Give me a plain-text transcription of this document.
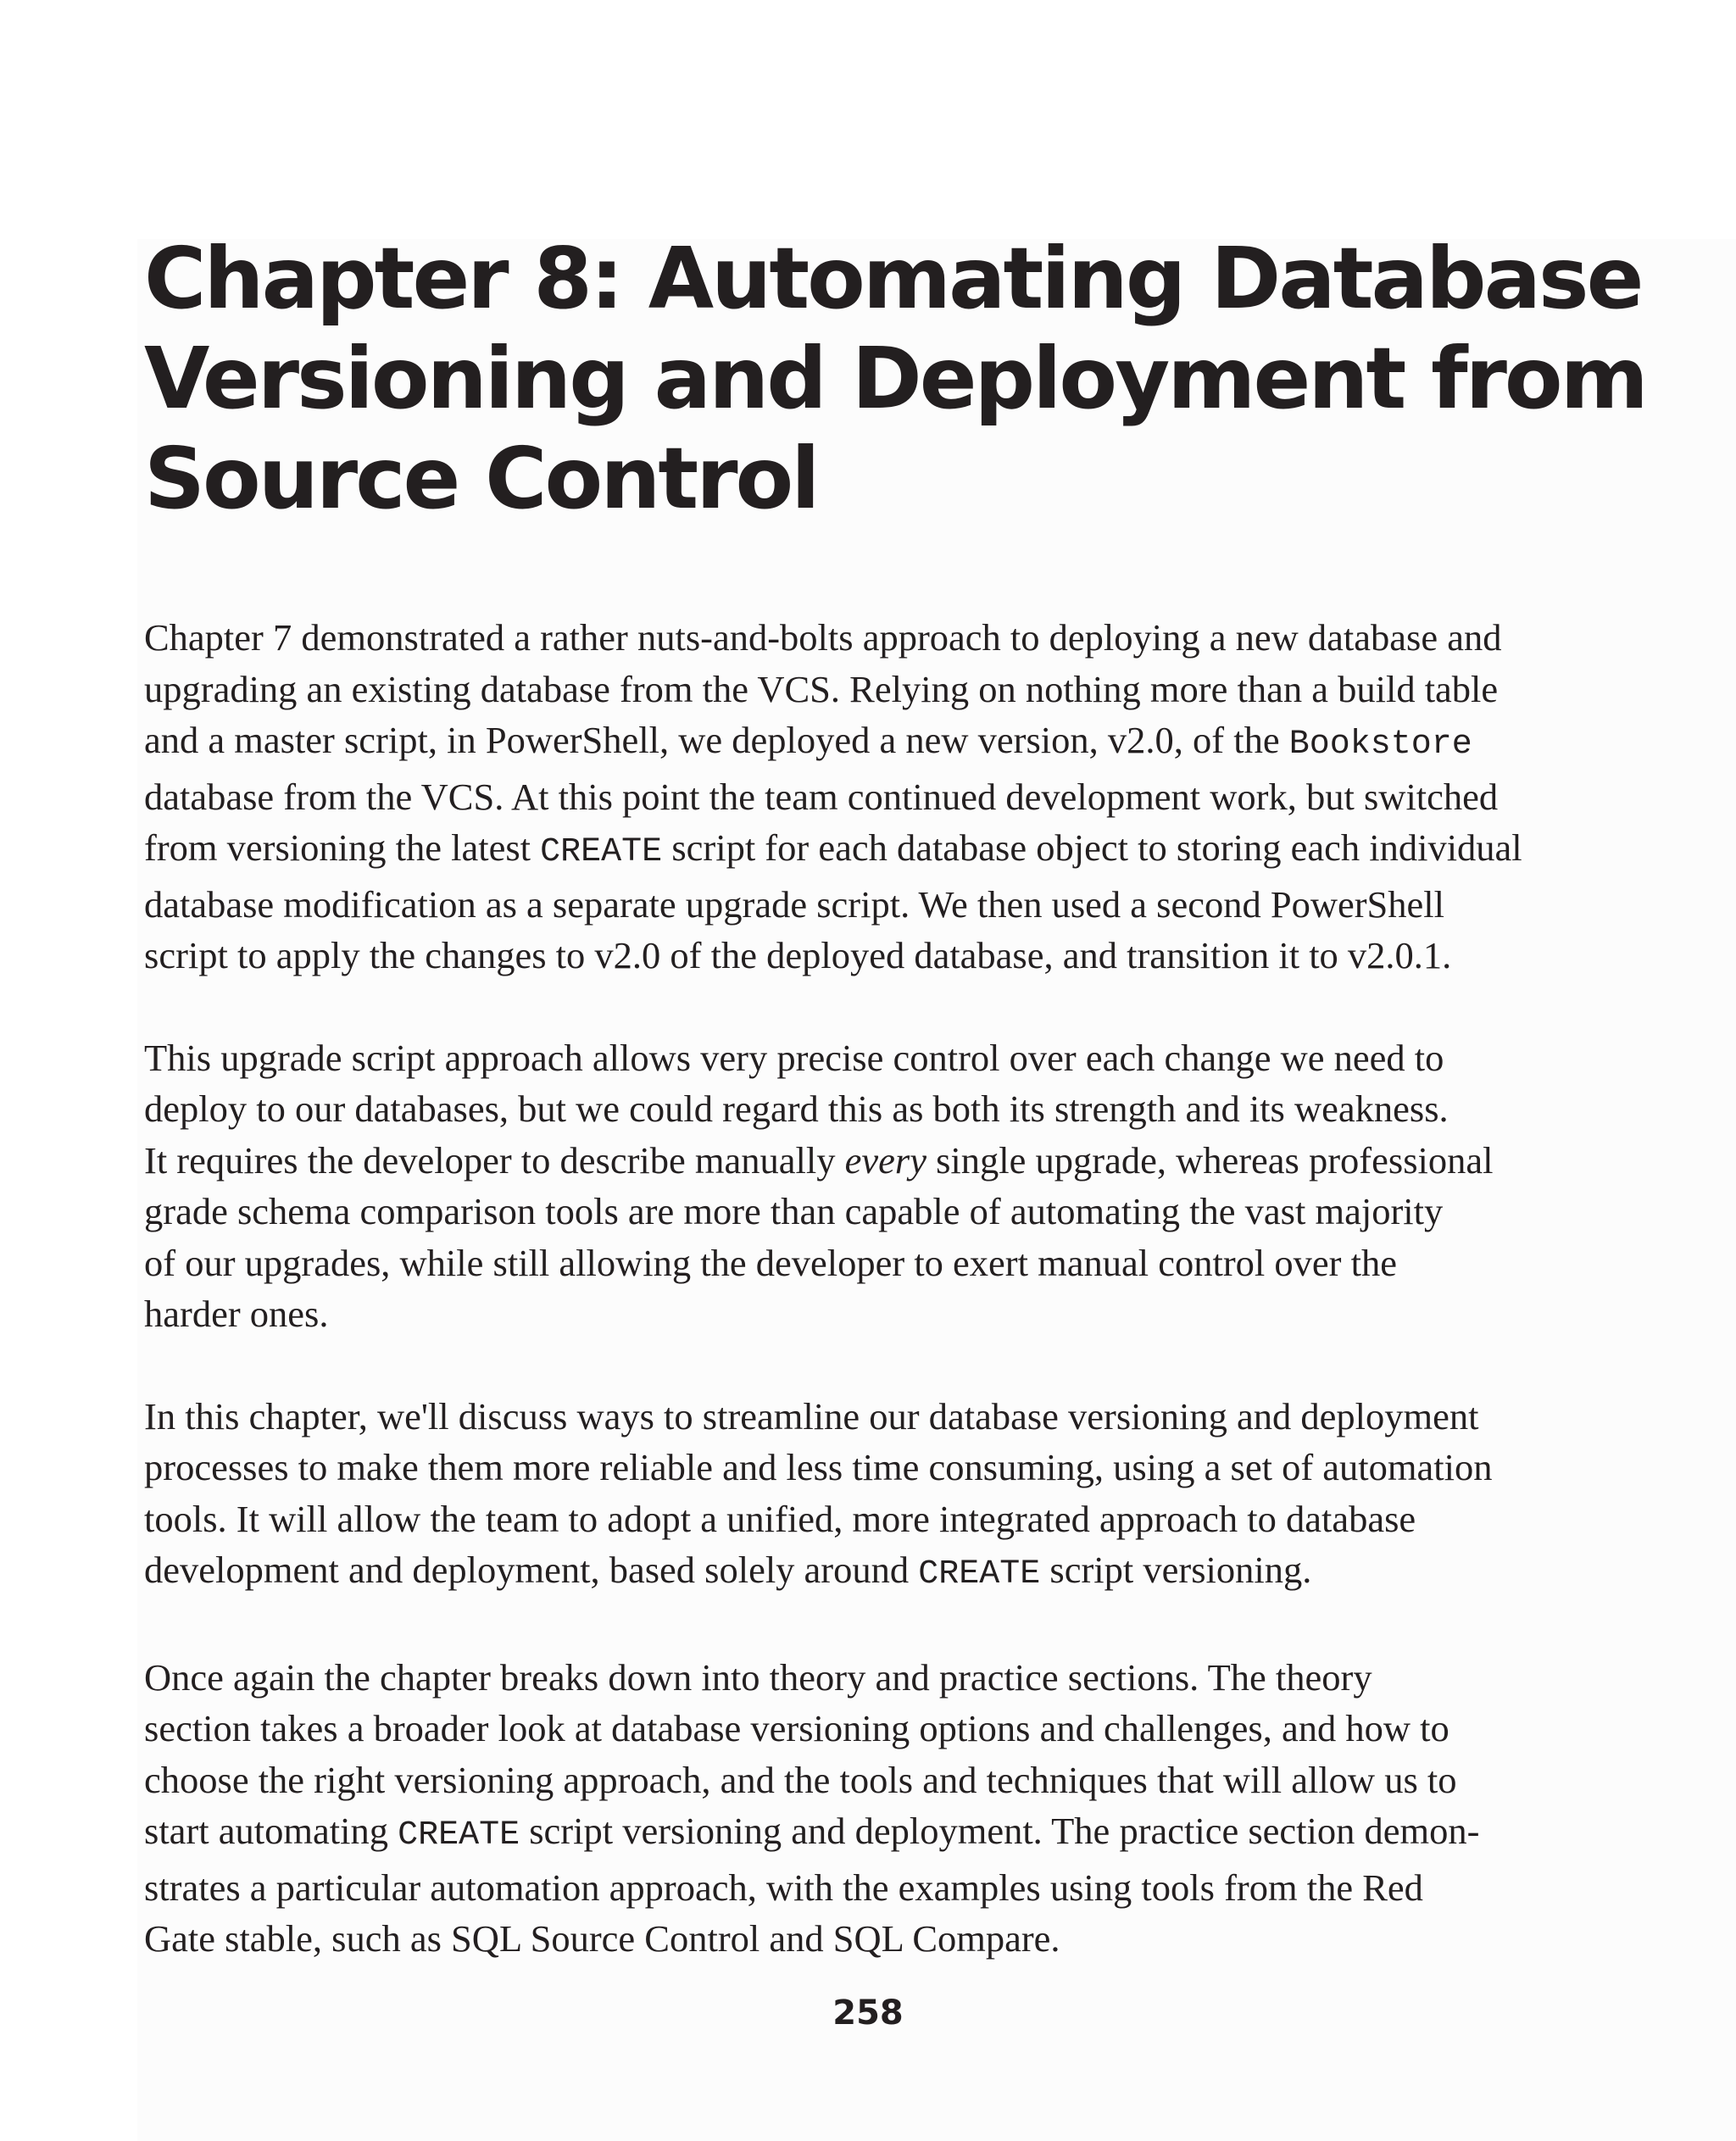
Chapter 8: Automating Database
Versioning and Deployment from
Source Control

Chapter 7 demonstrated a rather nuts-and-bolts approach to deploying a new database and
upgrading an existing database from the VCS. Relying on nothing more than a build table
and a master script, in PowerShell, we deployed a new version, v2.0, of the Bookstore
database from the VCS. At this point the team continued development work, but switched
from versioning the latest CREATE script for each database object to storing each individual
database modification as a separate upgrade script. We then used a second PowerShell
script to apply the changes to v2.0 of the deployed database, and transition it to v2.0.1.

This upgrade script approach allows very precise control over each change we need to
deploy to our databases, but we could regard this as both its strength and its weakness.
It requires the developer to describe manually every single upgrade, whereas professional
grade schema comparison tools are more than capable of automating the vast majority
of our upgrades, while still allowing the developer to exert manual control over the
harder ones.

In this chapter, we'll discuss ways to streamline our database versioning and deployment
processes to make them more reliable and less time consuming, using a set of automation
tools. It will allow the team to adopt a unified, more integrated approach to database
development and deployment, based solely around CREATE script versioning.

Once again the chapter breaks down into theory and practice sections. The theory
section takes a broader look at database versioning options and challenges, and how to
choose the right versioning approach, and the tools and techniques that will allow us to
start automating CREATE script versioning and deployment. The practice section demon-
strates a particular automation approach, with the examples using tools from the Red
Gate stable, such as SQL Source Control and SQL Compare.

258
